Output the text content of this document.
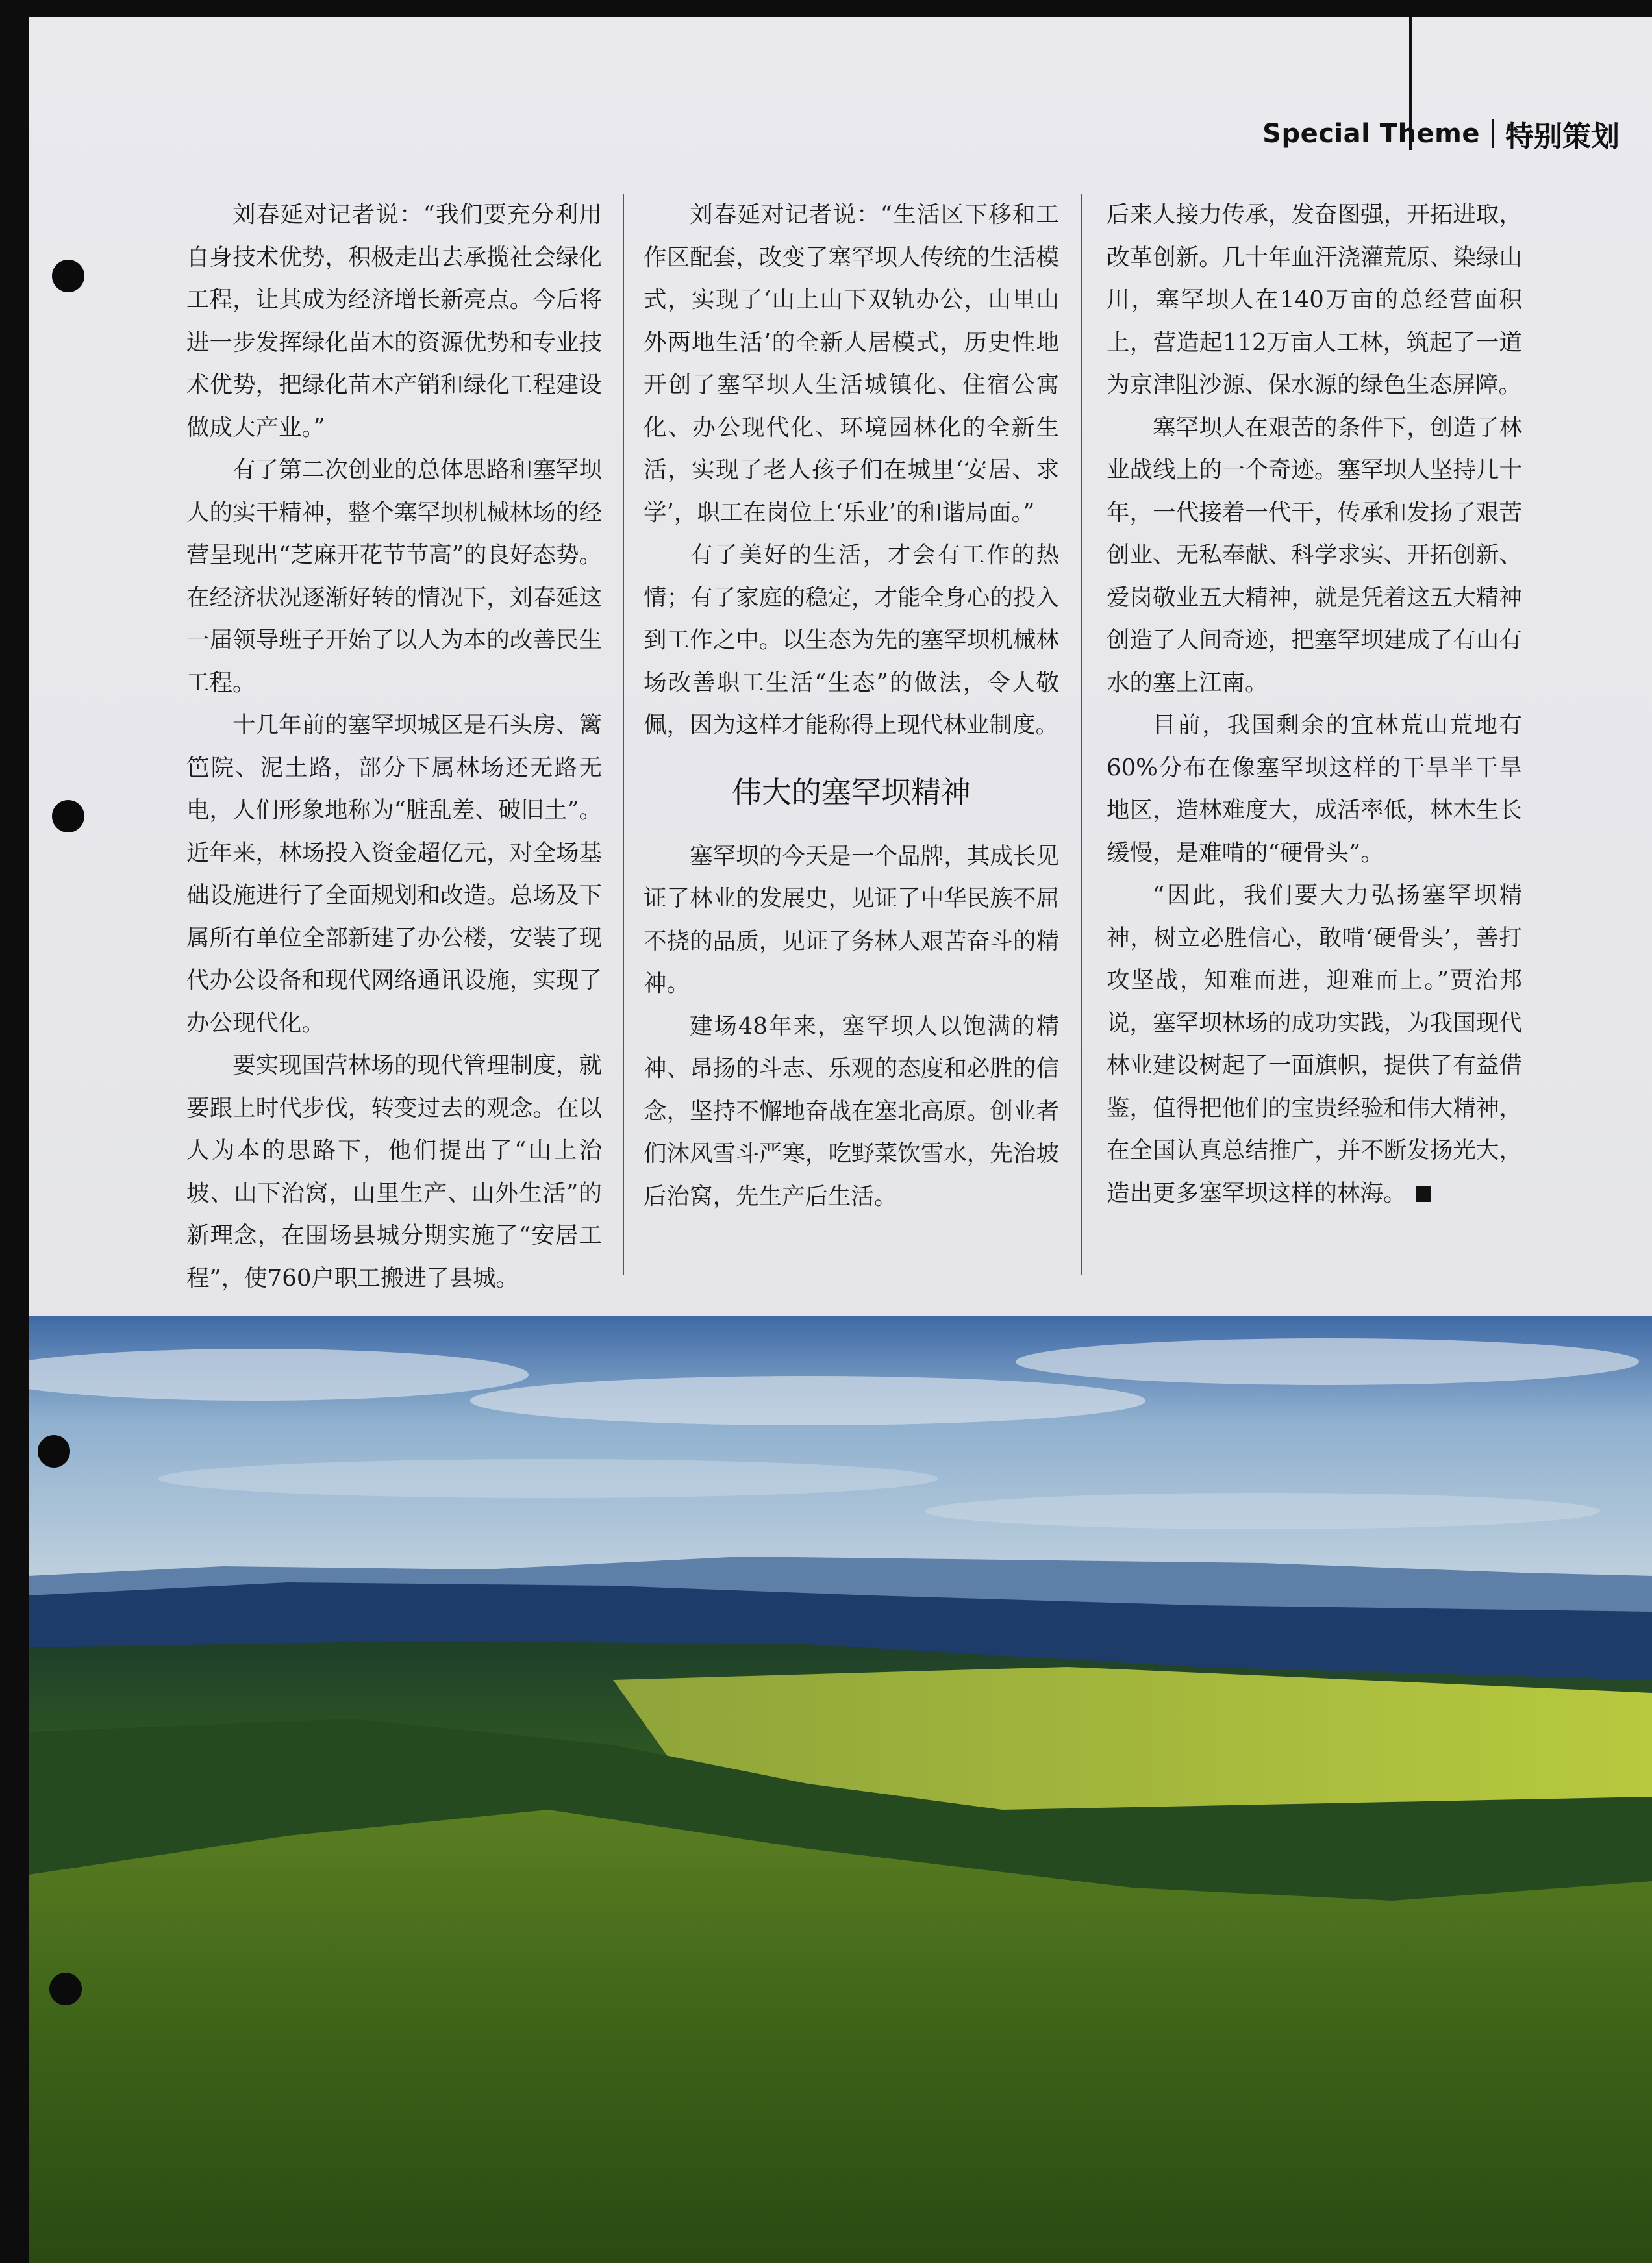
Special Theme 特别策划

刘春延对记者说：“我们要充分利用自身技术优势，积极走出去承揽社会绿化工程，让其成为经济增长新亮点。今后将进一步发挥绿化苗木的资源优势和专业技术优势，把绿化苗木产销和绿化工程建设做成大产业。”

有了第二次创业的总体思路和塞罕坝人的实干精神，整个塞罕坝机械林场的经营呈现出“芝麻开花节节高”的良好态势。在经济状况逐渐好转的情况下，刘春延这一届领导班子开始了以人为本的改善民生工程。

十几年前的塞罕坝城区是石头房、篱笆院、泥土路，部分下属林场还无路无电，人们形象地称为“脏乱差、破旧土”。近年来，林场投入资金超亿元，对全场基础设施进行了全面规划和改造。总场及下属所有单位全部新建了办公楼，安装了现代办公设备和现代网络通讯设施，实现了办公现代化。

要实现国营林场的现代管理制度，就要跟上时代步伐，转变过去的观念。在以人为本的思路下，他们提出了“山上治坡、山下治窝，山里生产、山外生活”的新理念，在围场县城分期实施了“安居工程”，使760户职工搬进了县城。

刘春延对记者说：“生活区下移和工作区配套，改变了塞罕坝人传统的生活模式，实现了‘山上山下双轨办公，山里山外两地生活’的全新人居模式，历史性地开创了塞罕坝人生活城镇化、住宿公寓化、办公现代化、环境园林化的全新生活，实现了老人孩子们在城里‘安居、求学’，职工在岗位上‘乐业’的和谐局面。”

有了美好的生活，才会有工作的热情；有了家庭的稳定，才能全身心的投入到工作之中。以生态为先的塞罕坝机械林场改善职工生活“生态”的做法，令人敬佩，因为这样才能称得上现代林业制度。

伟大的塞罕坝精神

塞罕坝的今天是一个品牌，其成长见证了林业的发展史，见证了中华民族不屈不挠的品质，见证了务林人艰苦奋斗的精神。

建场48年来，塞罕坝人以饱满的精神、昂扬的斗志、乐观的态度和必胜的信念，坚持不懈地奋战在塞北高原。创业者们沐风雪斗严寒，吃野菜饮雪水，先治坡后治窝，先生产后生活。

后来人接力传承，发奋图强，开拓进取，改革创新。几十年血汗浇灌荒原、染绿山川，塞罕坝人在140万亩的总经营面积上，营造起112万亩人工林，筑起了一道为京津阻沙源、保水源的绿色生态屏障。

塞罕坝人在艰苦的条件下，创造了林业战线上的一个奇迹。塞罕坝人坚持几十年，一代接着一代干，传承和发扬了艰苦创业、无私奉献、科学求实、开拓创新、爱岗敬业五大精神，就是凭着这五大精神创造了人间奇迹，把塞罕坝建成了有山有水的塞上江南。

目前，我国剩余的宜林荒山荒地有60%分布在像塞罕坝这样的干旱半干旱地区，造林难度大，成活率低，林木生长缓慢，是难啃的“硬骨头”。

“因此，我们要大力弘扬塞罕坝精神，树立必胜信心，敢啃‘硬骨头’，善打攻坚战，知难而进，迎难而上。”贾治邦说，塞罕坝林场的成功实践，为我国现代林业建设树起了一面旗帜，提供了有益借鉴，值得把他们的宝贵经验和伟大精神，在全国认真总结推广，并不断发扬光大，造出更多塞罕坝这样的林海。
